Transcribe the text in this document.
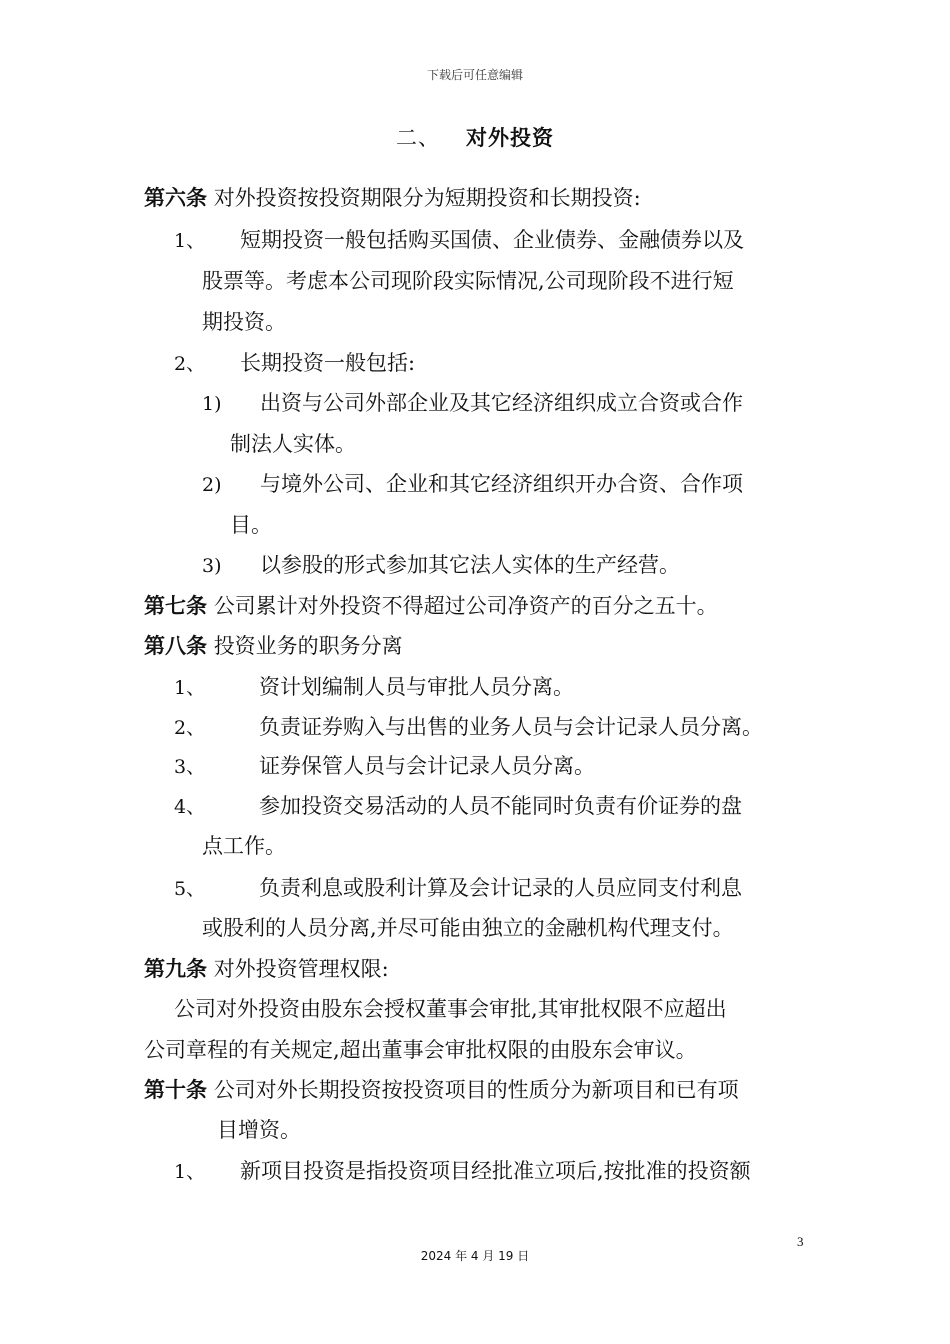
下载后可任意编辑
二、 对外投资
第六条 对外投资按投资期限分为短期投资和长期投资:
1、 短期投资一般包括购买国债、企业债券、金融债券以及
股票等。考虑本公司现阶段实际情况,公司现阶段不进行短
期投资。
2、 长期投资一般包括:
1) 出资与公司外部企业及其它经济组织成立合资或合作
制法人实体。
2) 与境外公司、企业和其它经济组织开办合资、合作项
目。
3) 以参股的形式参加其它法人实体的生产经营。
第七条 公司累计对外投资不得超过公司净资产的百分之五十。
第八条 投资业务的职务分离
1、	资计划编制人员与审批人员分离。
2、	负责证券购入与出售的业务人员与会计记录人员分离。
3、	证券保管人员与会计记录人员分离。
4、	参加投资交易活动的人员不能同时负责有价证券的盘
点工作。
5、	负责利息或股利计算及会计记录的人员应同支付利息
或股利的人员分离,并尽可能由独立的金融机构代理支付。
第九条 对外投资管理权限:
公司对外投资由股东会授权董事会审批,其审批权限不应超出
公司章程的有关规定,超出董事会审批权限的由股东会审议。
第十条 公司对外长期投资按投资项目的性质分为新项目和已有项
目增资。
1、 新项目投资是指投资项目经批准立项后,按批准的投资额
3
2024 年 4 月 19 日
